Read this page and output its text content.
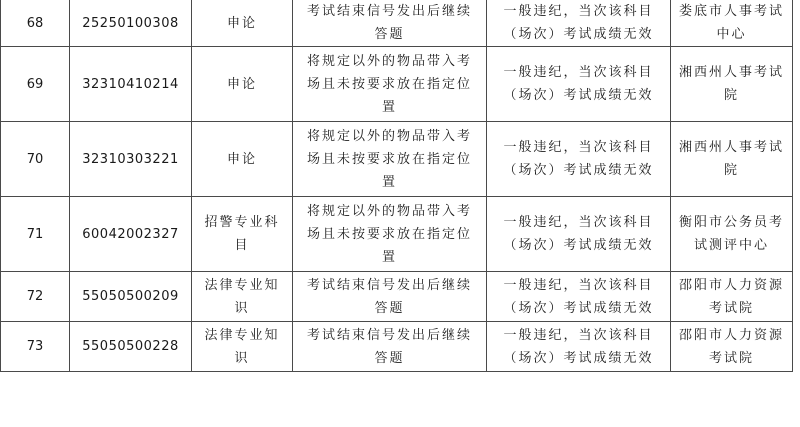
68	25250100308	申论	考试结束信号发出后继续答题	一般违纪，当次该科目（场次）考试成绩无效	娄底市人事考试中心
69	32310410214	申论	将规定以外的物品带入考场且未按要求放在指定位置	一般违纪，当次该科目（场次）考试成绩无效	湘西州人事考试院
70	32310303221	申论	将规定以外的物品带入考场且未按要求放在指定位置	一般违纪，当次该科目（场次）考试成绩无效	湘西州人事考试院
71	60042002327	招警专业科目	将规定以外的物品带入考场且未按要求放在指定位置	一般违纪，当次该科目（场次）考试成绩无效	衡阳市公务员考试测评中心
72	55050500209	法律专业知识	考试结束信号发出后继续答题	一般违纪，当次该科目（场次）考试成绩无效	邵阳市人力资源考试院
73	55050500228	法律专业知识	考试结束信号发出后继续答题	一般违纪，当次该科目（场次）考试成绩无效	邵阳市人力资源考试院
